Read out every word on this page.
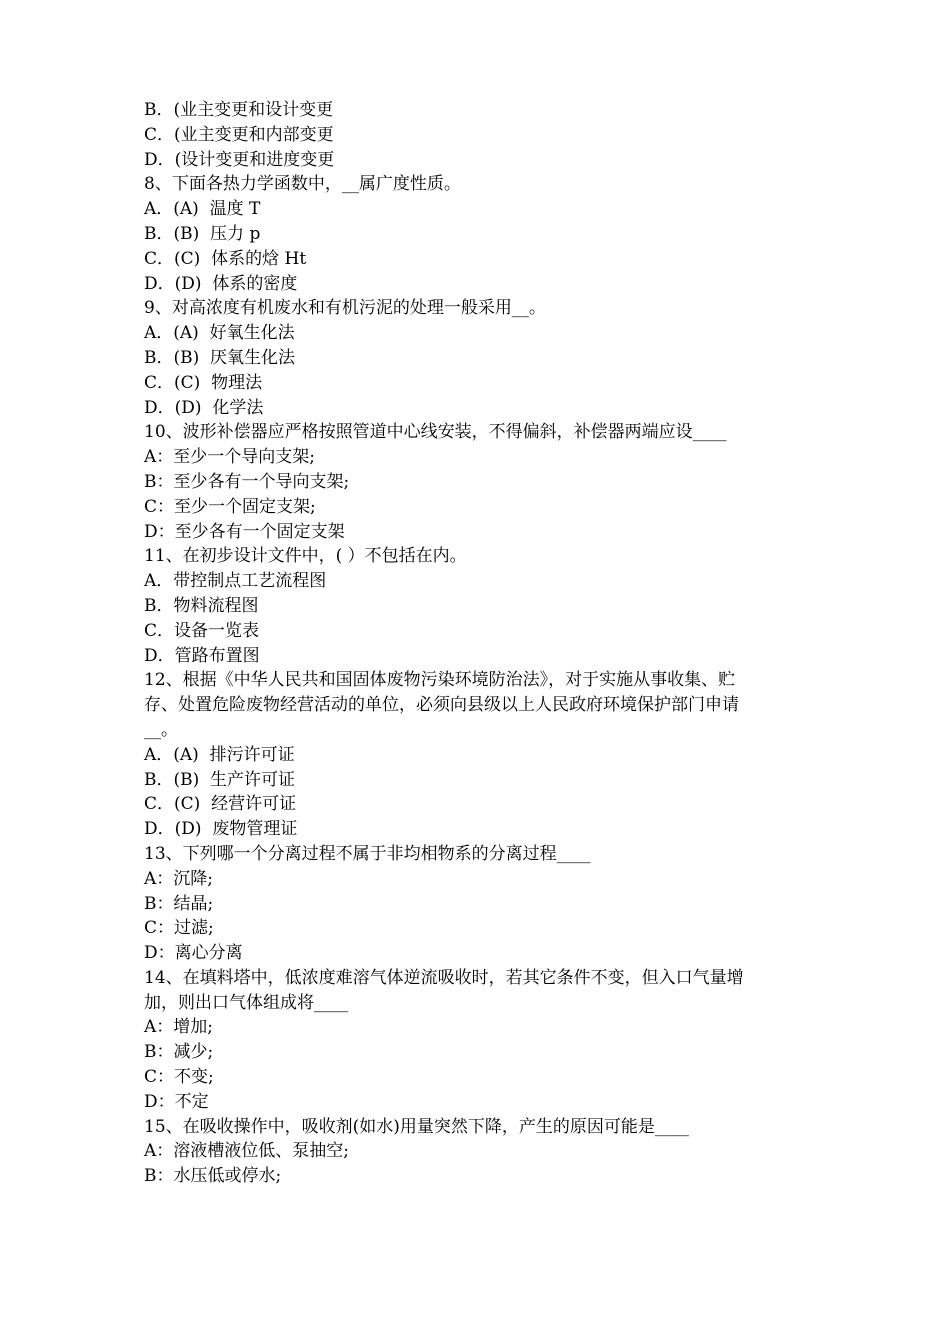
B．(业主变更和设计变更
C．(业主变更和内部变更
D．(设计变更和进度变更
8、下面各热力学函数中，__属广度性质。
A．(A)  温度 T
B．(B)  压力 p
C．(C)  体系的焓 Ht
D．(D)  体系的密度
9、对高浓度有机废水和有机污泥的处理一般采用__。
A．(A)  好氧生化法
B．(B)  厌氧生化法
C．(C)  物理法
D．(D)  化学法
10、波形补偿器应严格按照管道中心线安装，不得偏斜，补偿器两端应设____
A：至少一个导向支架;
B：至少各有一个导向支架;
C：至少一个固定支架;
D：至少各有一个固定支架
11、在初步设计文件中，( ）不包括在内。
A．带控制点工艺流程图
B．物料流程图
C．设备一览表
D．管路布置图
12、根据《中华人民共和国固体废物污染环境防治法》，对于实施从事收集、贮
存、处置危险废物经营活动的单位，必须向县级以上人民政府环境保护部门申请
__。
A．(A)  排污许可证
B．(B)  生产许可证
C．(C)  经营许可证
D．(D)  废物管理证
13、下列哪一个分离过程不属于非均相物系的分离过程____
A：沉降;
B：结晶;
C：过滤;
D：离心分离
14、在填料塔中，低浓度难溶气体逆流吸收时，若其它条件不变，但入口气量增
加，则出口气体组成将____
A：增加;
B：减少;
C：不变;
D：不定
15、在吸收操作中，吸收剂(如水)用量突然下降，产生的原因可能是____
A：溶液槽液位低、泵抽空;
B：水压低或停水;
